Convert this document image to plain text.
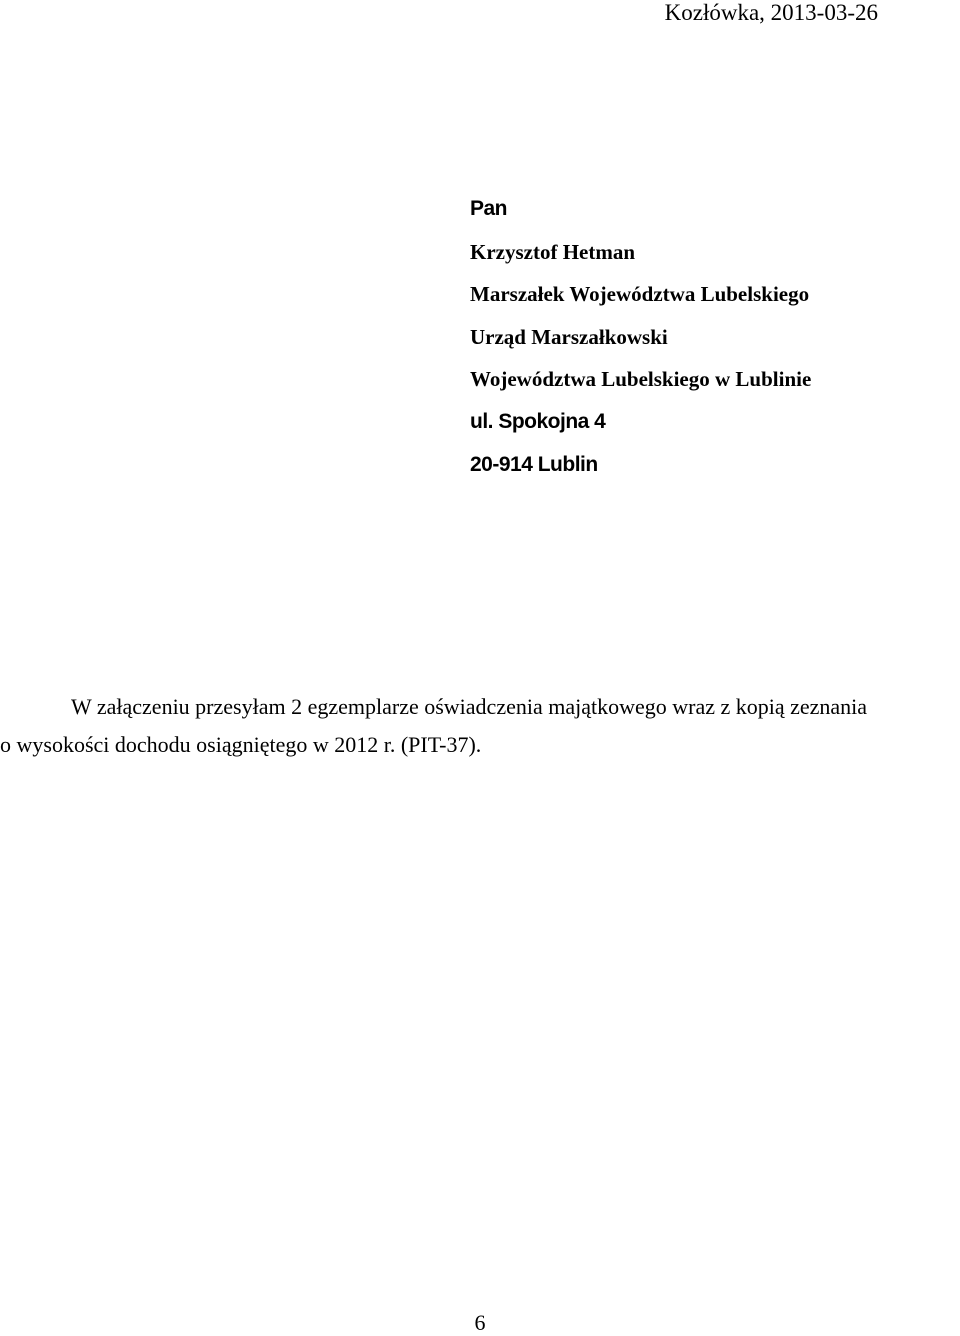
Kozłówka, 2013-03-26
Pan
Krzysztof Hetman
Marszałek Województwa Lubelskiego
Urząd Marszałkowski
Województwa Lubelskiego w Lublinie
ul. Spokojna 4
20-914 Lublin

W załączeniu przesyłam 2 egzemplarze oświadczenia majątkowego wraz z kopią zeznania
o wysokości dochodu osiągniętego w 2012 r. (PIT-37).

6
